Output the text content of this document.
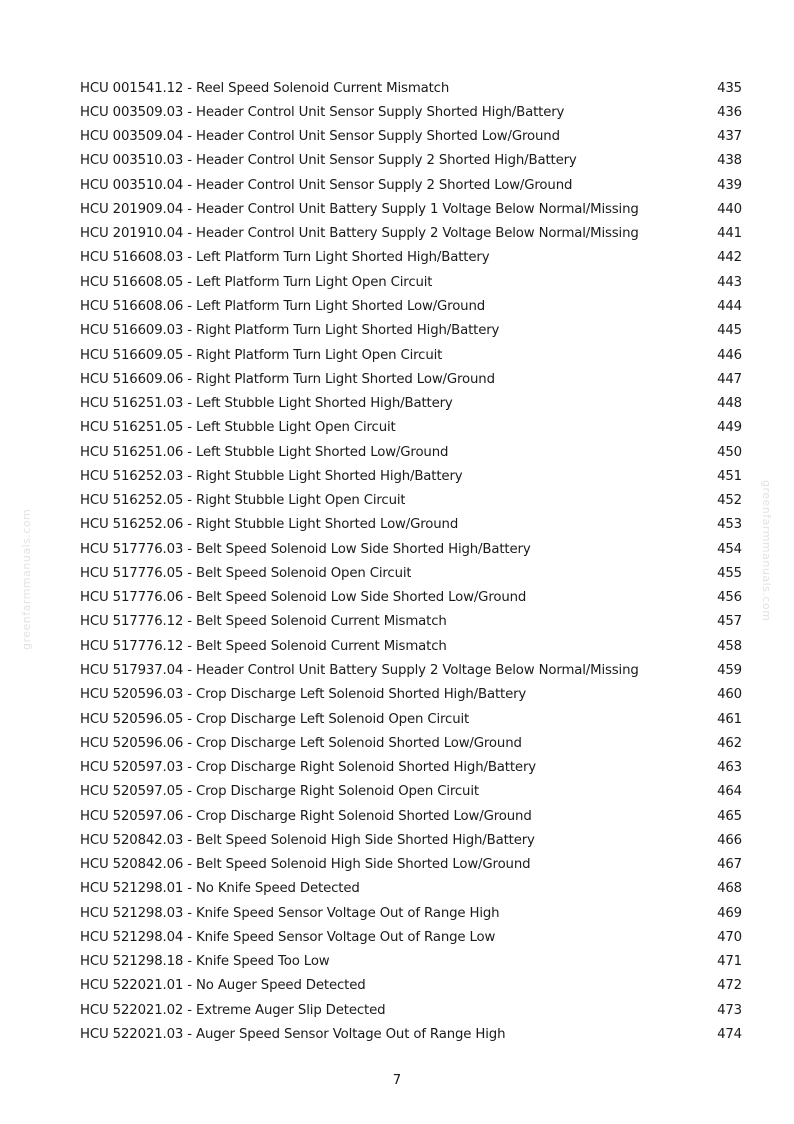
greenfarmmanuals.com	greenfarmmanuals.com
HCU 001541.12 - Reel Speed Solenoid Current Mismatch	435
HCU 003509.03 - Header Control Unit Sensor Supply Shorted High/Battery	436
HCU 003509.04 - Header Control Unit Sensor Supply Shorted Low/Ground	437
HCU 003510.03 - Header Control Unit Sensor Supply 2 Shorted High/Battery	438
HCU 003510.04 - Header Control Unit Sensor Supply 2 Shorted Low/Ground	439
HCU 201909.04 - Header Control Unit Battery Supply 1 Voltage Below Normal/Missing	440
HCU 201910.04 - Header Control Unit Battery Supply 2 Voltage Below Normal/Missing	441
HCU 516608.03 - Left Platform Turn Light Shorted High/Battery	442
HCU 516608.05 - Left Platform Turn Light Open Circuit	443
HCU 516608.06 - Left Platform Turn Light Shorted Low/Ground	444
HCU 516609.03 - Right Platform Turn Light Shorted High/Battery	445
HCU 516609.05 - Right Platform Turn Light Open Circuit	446
HCU 516609.06 - Right Platform Turn Light Shorted Low/Ground	447
HCU 516251.03 - Left Stubble Light Shorted High/Battery	448
HCU 516251.05 - Left Stubble Light Open Circuit	449
HCU 516251.06 - Left Stubble Light Shorted Low/Ground	450
HCU 516252.03 - Right Stubble Light Shorted High/Battery	451
HCU 516252.05 - Right Stubble Light Open Circuit	452
HCU 516252.06 - Right Stubble Light Shorted Low/Ground	453
HCU 517776.03 - Belt Speed Solenoid Low Side Shorted High/Battery	454
HCU 517776.05 - Belt Speed Solenoid Open Circuit	455
HCU 517776.06 - Belt Speed Solenoid Low Side Shorted Low/Ground	456
HCU 517776.12 - Belt Speed Solenoid Current Mismatch	457
HCU 517776.12 - Belt Speed Solenoid Current Mismatch	458
HCU 517937.04 - Header Control Unit Battery Supply 2 Voltage Below Normal/Missing	459
HCU 520596.03 - Crop Discharge Left Solenoid Shorted High/Battery	460
HCU 520596.05 - Crop Discharge Left Solenoid Open Circuit	461
HCU 520596.06 - Crop Discharge Left Solenoid Shorted Low/Ground	462
HCU 520597.03 - Crop Discharge Right Solenoid Shorted High/Battery	463
HCU 520597.05 - Crop Discharge Right Solenoid Open Circuit	464
HCU 520597.06 - Crop Discharge Right Solenoid Shorted Low/Ground	465
HCU 520842.03 - Belt Speed Solenoid High Side Shorted High/Battery	466
HCU 520842.06 - Belt Speed Solenoid High Side Shorted Low/Ground	467
HCU 521298.01 - No Knife Speed Detected	468
HCU 521298.03 - Knife Speed Sensor Voltage Out of Range High	469
HCU 521298.04 - Knife Speed Sensor Voltage Out of Range Low	470
HCU 521298.18 - Knife Speed Too Low	471
HCU 522021.01 - No Auger Speed Detected	472
HCU 522021.02 - Extreme Auger Slip Detected	473
HCU 522021.03 - Auger Speed Sensor Voltage Out of Range High	474
7
